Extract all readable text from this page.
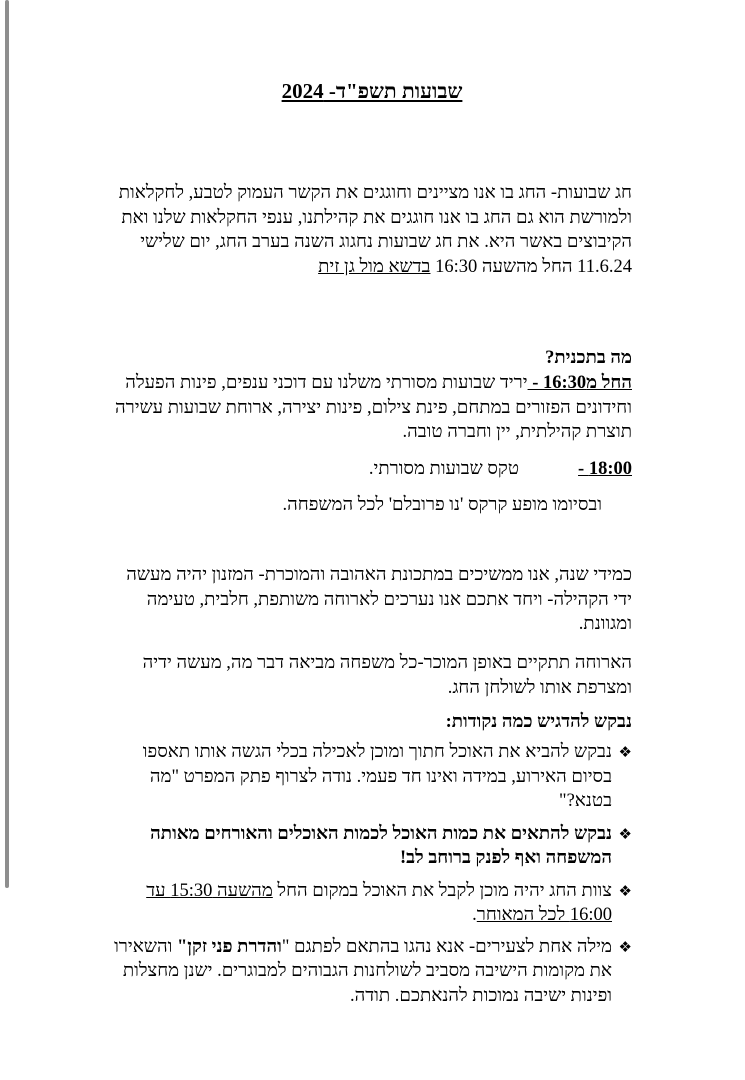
שבועות תשפ"ד- 2024
חג שבועות- החג בו אנו מציינים וחוגגים את הקשר העמוק לטבע, לחקלאות ולמורשת הוא גם החג בו אנו חוגגים את קהילתנו, ענפי החקלאות שלנו ואת הקיבוצים באשר היא. את חג שבועות נחגוג השנה בערב החג, יום שלישי 11.6.24 החל מהשעה 16:30 בדשא מול גן זית
מה בתכנית?
החל מ16:30 - יריד שבועות מסורתי משלנו עם דוכני ענפים, פינות הפעלה וחידונים הפזורים במתחם, פינת צילום, פינות יצירה, ארוחת שבועות עשירה תוצרת קהילתית, יין וחברה טובה.
18:00 -
טקס שבועות מסורתי.
ובסיומו מופע קרקס 'נו פרובלם' לכל המשפחה.
כמידי שנה, אנו ממשיכים במתכונת האהובה והמוכרת- המזנון יהיה מעשה ידי הקהילה- ויחד אתכם אנו נערכים לארוחה משותפת, חלבית, טעימה ומגוונת.
הארוחה תתקיים באופן המוכר-כל משפחה מביאה דבר מה, מעשה ידיה ומצרפת אותו לשולחן החג.
נבקש להדגיש כמה נקודות:
❖
נבקש להביא את האוכל חתוך ומוכן לאכילה בכלי הגשה אותו תאספו בסיום האירוע, במידה ואינו חד פעמי. נודה לצרוף פתק המפרט "מה בטנא?"
❖
נבקש להתאים את כמות האוכל לכמות האוכלים והאורחים מאותה המשפחה ואף לפנק ברוחב לב!
❖
צוות החג יהיה מוכן לקבל את האוכל במקום החל מהשעה 15:30 עד 16:00 לכל המאוחר.
❖
מילה אחת לצעירים- אנא נהגו בהתאם לפתגם "והדרת פני זקן" והשאירו את מקומות הישיבה מסביב לשולחנות הגבוהים למבוגרים. ישנן מחצלות ופינות ישיבה נמוכות להנאתכם. תודה.
